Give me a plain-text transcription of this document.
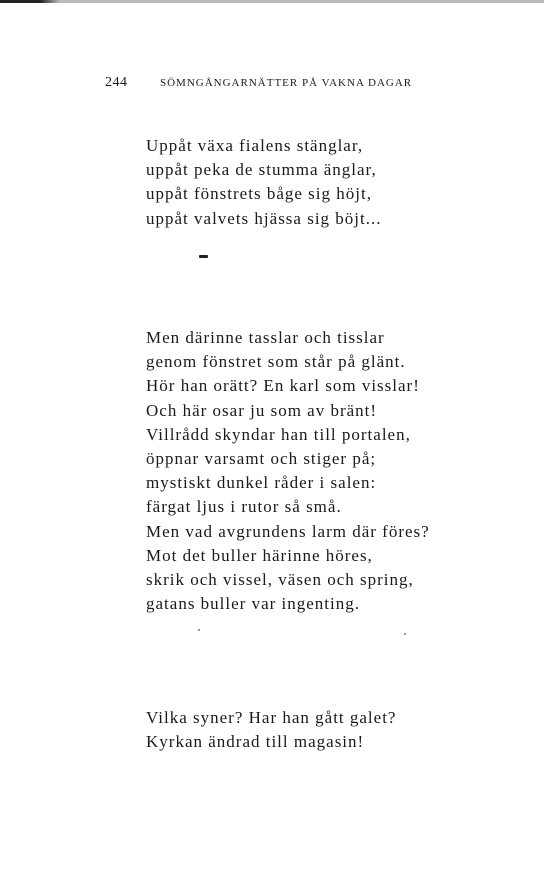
244	SÖMNGÅNGARNÄTTER PÅ VAKNA DAGAR
Uppåt växa fialens stänglar,
uppåt peka de stumma änglar,
uppåt fönstrets båge sig höjt,
uppåt valvets hjässa sig böjt...
Men därinne tasslar och tisslar
genom fönstret som står på glänt.
Hör han orätt? En karl som visslar!
Och här osar ju som av bränt!
Villrådd skyndar han till portalen,
öppnar varsamt och stiger på;
mystiskt dunkel råder i salen:
färgat ljus i rutor så små.
Men vad avgrundens larm där föres?
Mot det buller härinne höres,
skrik och vissel, väsen och spring,
gatans buller var ingenting.
Vilka syner? Har han gått galet?
Kyrkan ändrad till magasin!
